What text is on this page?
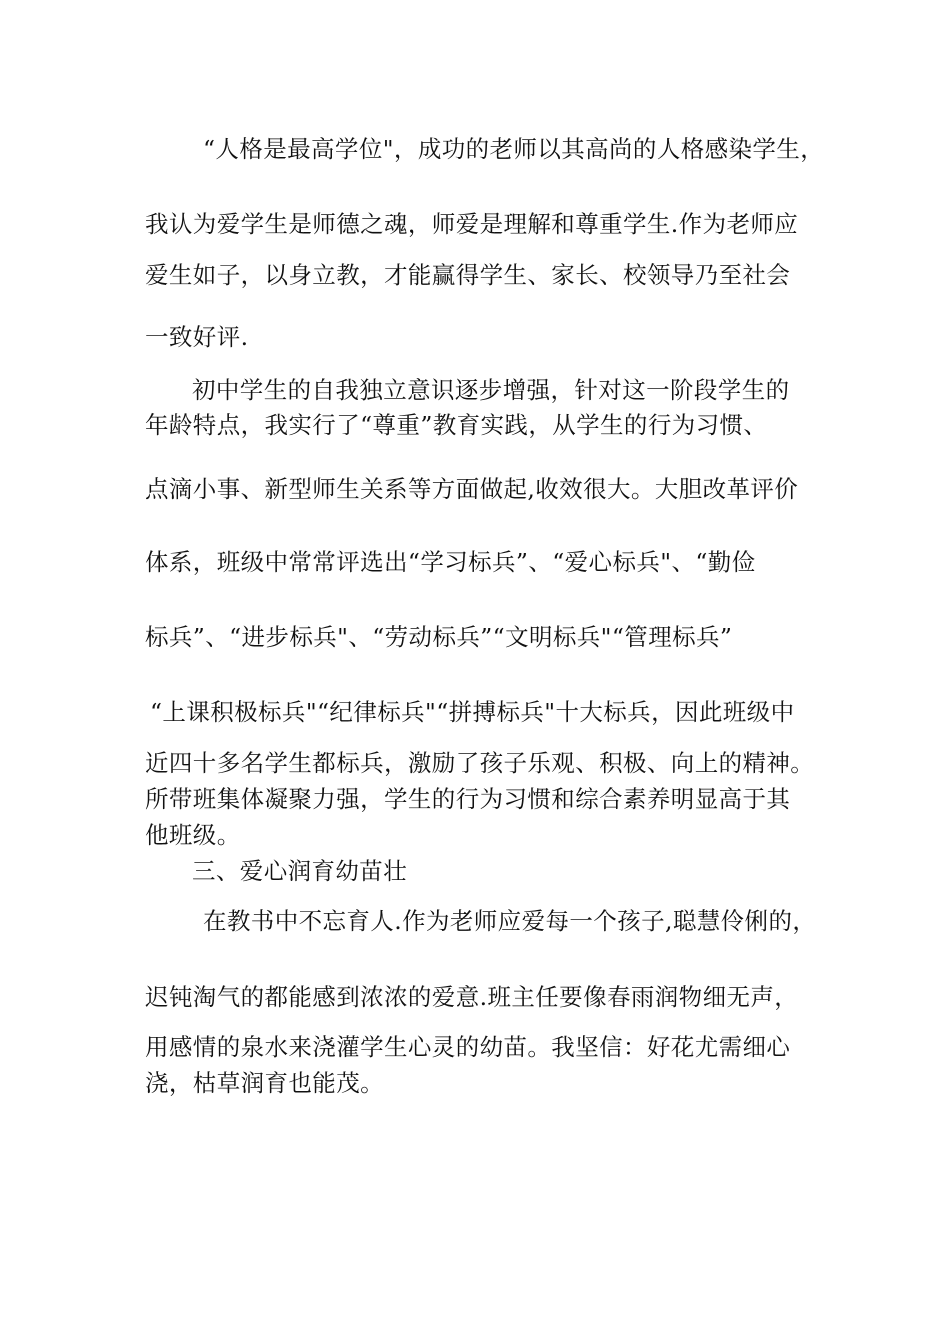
“人格是最高学位"，成功的老师以其高尚的人格感染学生，
我认为爱学生是师德之魂，师爱是理解和尊重学生.作为老师应
爱生如子，以身立教，才能赢得学生、家长、校领导乃至社会
一致好评.
初中学生的自我独立意识逐步增强，针对这一阶段学生的
年龄特点，我实行了“尊重”教育实践，从学生的行为习惯、
点滴小事、新型师生关系等方面做起,收效很大。大胆改革评价
体系，班级中常常评选出“学习标兵”、“爱心标兵"、“勤俭
标兵”、“进步标兵"、“劳动标兵”“文明标兵"“管理标兵”
“上课积极标兵"“纪律标兵"“拼搏标兵"十大标兵，因此班级中
近四十多名学生都标兵，激励了孩子乐观、积极、向上的精神。
所带班集体凝聚力强，学生的行为习惯和综合素养明显高于其
他班级。
三、爱心润育幼苗壮
在教书中不忘育人.作为老师应爱每一个孩子,聪慧伶俐的，
迟钝淘气的都能感到浓浓的爱意.班主任要像春雨润物细无声，
用感情的泉水来浇灌学生心灵的幼苗。我坚信：好花尤需细心
浇，枯草润育也能茂。
